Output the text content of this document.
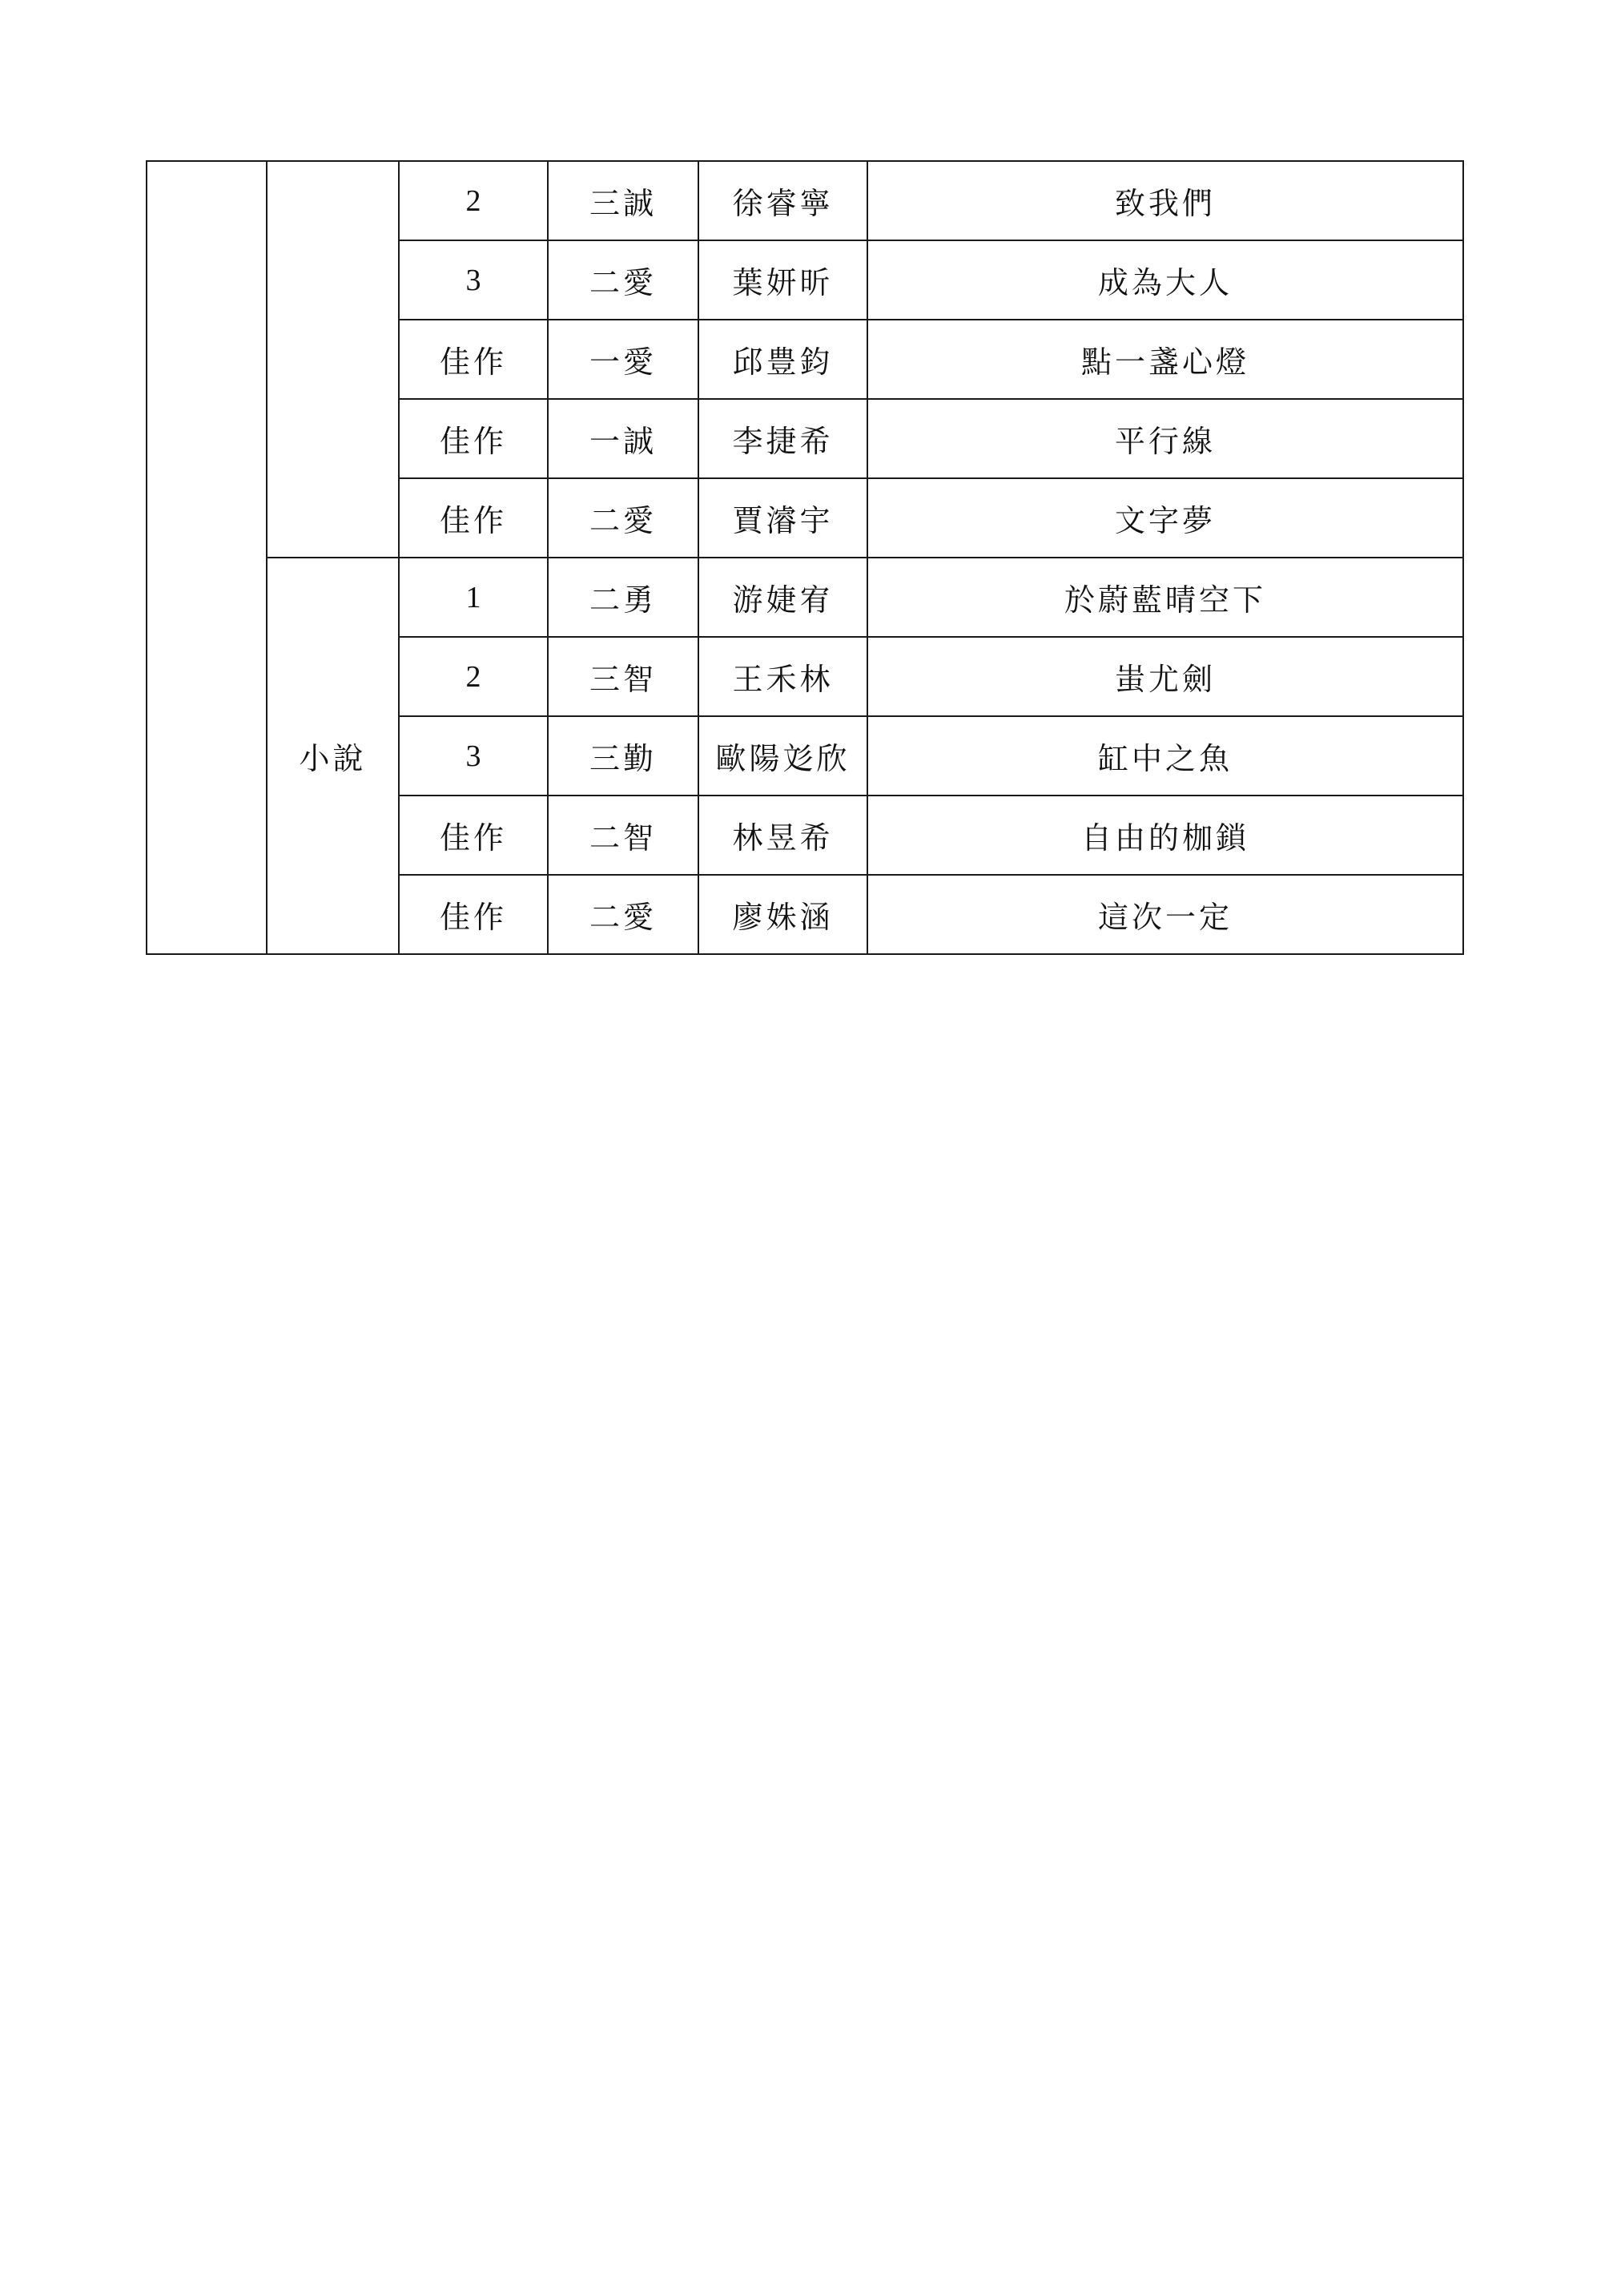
		2	三誠	徐睿寧	致我們
		3	二愛	葉妍昕	成為大人
		佳作	一愛	邱豊鈞	點一盞心燈
		佳作	一誠	李捷希	平行線
		佳作	二愛	賈濬宇	文字夢
	小說	1	二勇	游婕宥	於蔚藍晴空下
		2	三智	王禾林	蚩尤劍
		3	三勤	歐陽彣欣	缸中之魚
		佳作	二智	林昱希	自由的枷鎖
		佳作	二愛	廖姝涵	這次一定
